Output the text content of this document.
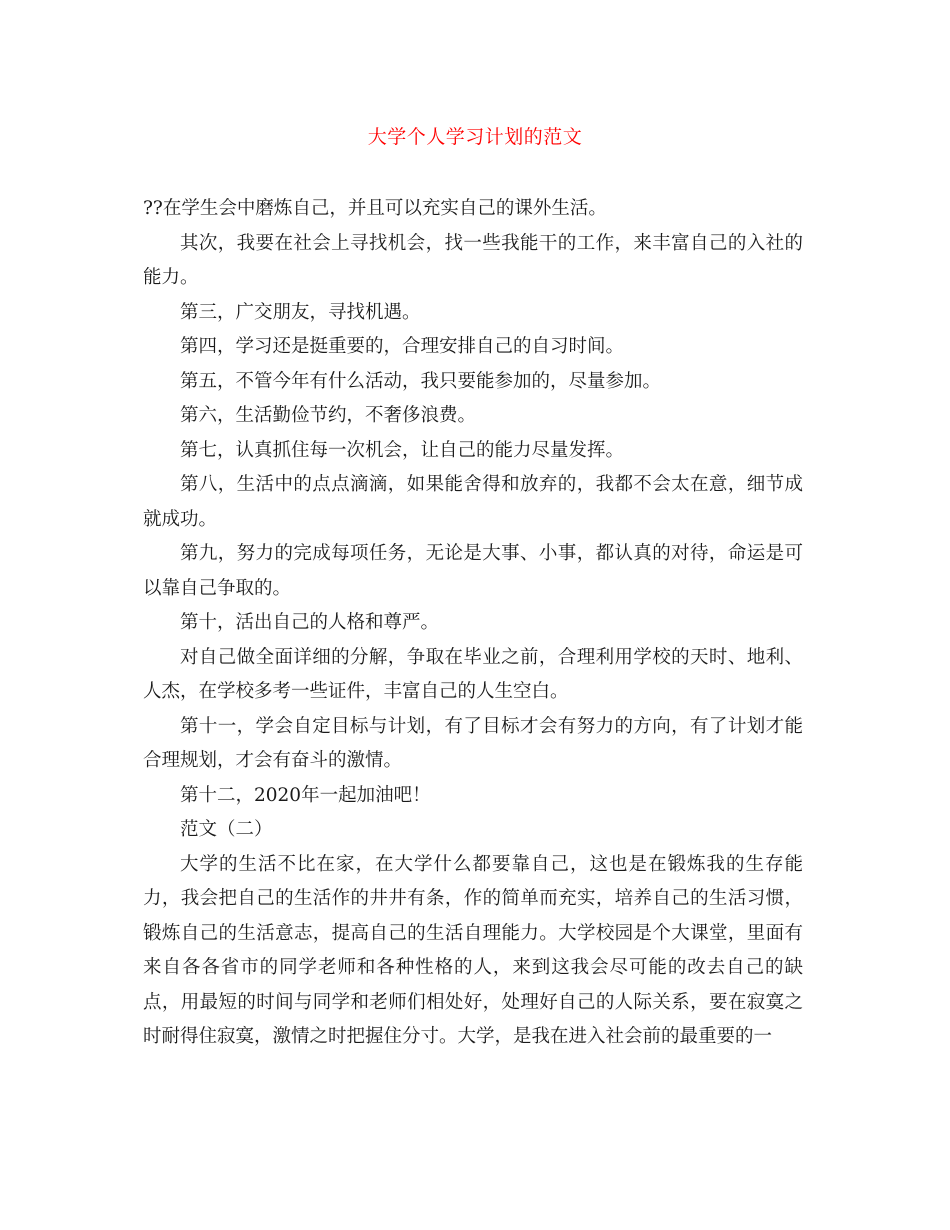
大学个人学习计划的范文

??在学生会中磨炼自己，并且可以充实自己的课外生活。

其次，我要在社会上寻找机会，找一些我能干的工作，来丰富自己的入社的能力。

第三，广交朋友，寻找机遇。

第四，学习还是挺重要的，合理安排自己的自习时间。

第五，不管今年有什么活动，我只要能参加的，尽量参加。

第六，生活勤俭节约，不奢侈浪费。

第七，认真抓住每一次机会，让自己的能力尽量发挥。

第八，生活中的点点滴滴，如果能舍得和放弃的，我都不会太在意，细节成就成功。

第九，努力的完成每项任务，无论是大事、小事，都认真的对待，命运是可以靠自己争取的。

第十，活出自己的人格和尊严。

对自己做全面详细的分解，争取在毕业之前，合理利用学校的天时、地利、人杰，在学校多考一些证件，丰富自己的人生空白。

第十一，学会自定目标与计划，有了目标才会有努力的方向，有了计划才能合理规划，才会有奋斗的激情。

第十二，2020年一起加油吧！

范文（二）

大学的生活不比在家，在大学什么都要靠自己，这也是在锻炼我的生存能力，我会把自己的生活作的井井有条，作的简单而充实，培养自己的生活习惯，锻炼自己的生活意志，提高自己的生活自理能力。大学校园是个大课堂，里面有来自各各省市的同学老师和各种性格的人，来到这我会尽可能的改去自己的缺点，用最短的时间与同学和老师们相处好，处理好自己的人际关系，要在寂寞之时耐得住寂寞，激情之时把握住分寸。大学，是我在进入社会前的最重要的一
